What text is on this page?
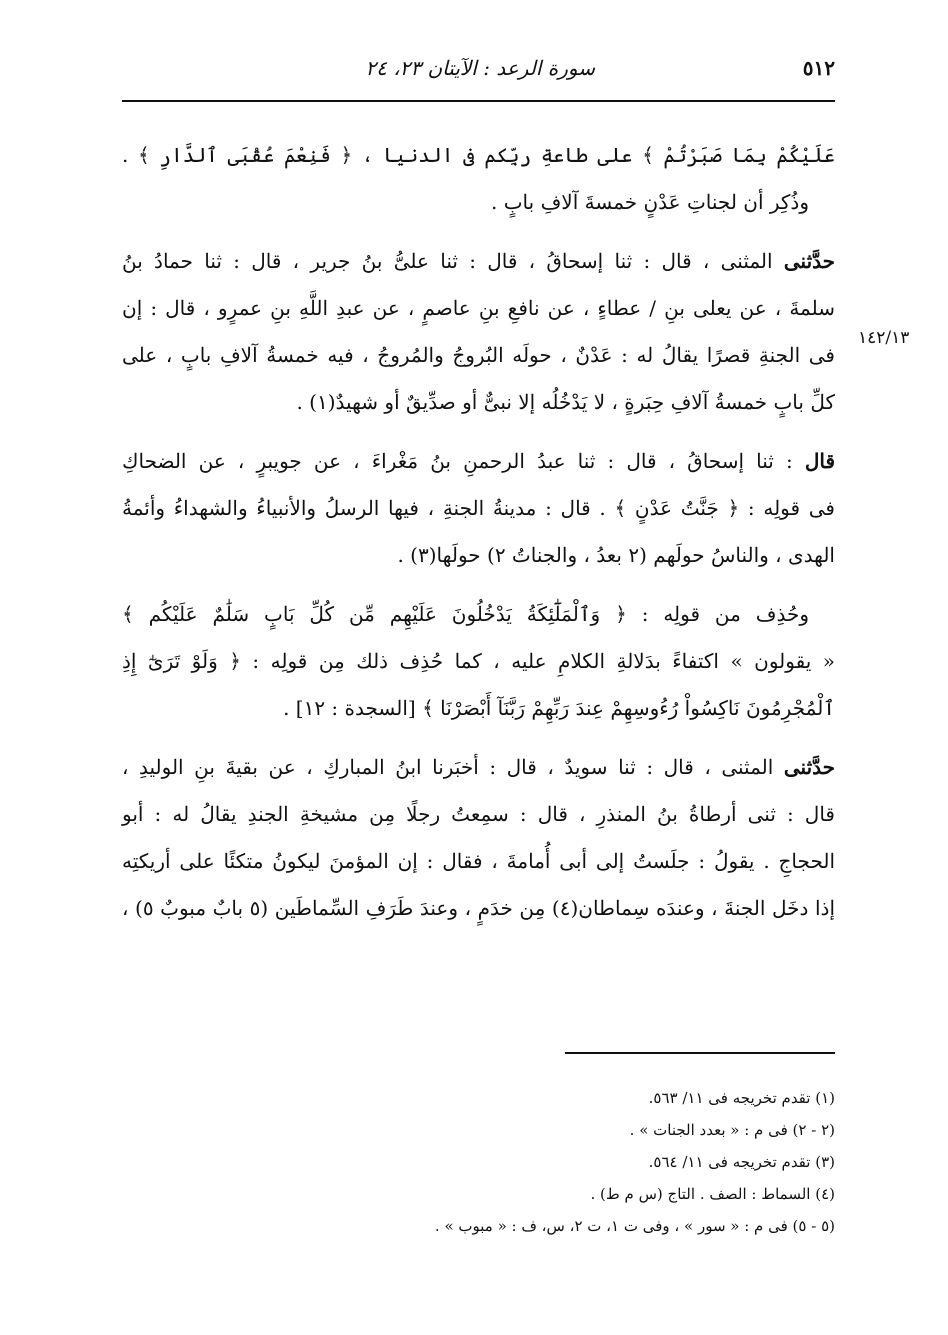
٥١٢
سورة الرعد : الآيتان ٢٣، ٢٤
١٤٢/١٣
عَلَيْكُمْ بِمَا صَبَرْتُمْ ﴾ على طاعةِ ربِّكم فى الدنيا ، ﴿ فَنِعْمَ عُقْبَى ٱلدَّارِ ﴾ .
وذُكِر أن لجناتِ عَدْنٍ خمسةَ آلافِ بابٍ .
حدَّثنى المثنى ، قال : ثنا إسحاقُ ، قال : ثنا علىُّ بنُ جرير ، قال : ثنا حمادُ بنُ
سلمةَ ، عن يعلى بنِ / عطاءٍ ، عن نافعِ بنِ عاصمٍ ، عن عبدِ اللَّهِ بنِ عمرٍو ، قال : إن
فى الجنةِ قصرًا يقالُ له : عَدْنٌ ، حولَه البُروجُ والمُروجُ ، فيه خمسةُ آلافِ بابٍ ، على
كلِّ بابٍ خمسةُ آلافِ حِبَرةٍ ، لا يَدْخُلُه إلا نبىٌّ أو صدِّيقٌ أو شهيدٌ(١) .
قال : ثنا إسحاقُ ، قال : ثنا عبدُ الرحمنِ بنُ مَغْراءَ ، عن جويبرٍ ، عن الضحاكِ
فى قولِه : ﴿ جَنَّتُ عَدْنٍ ﴾ . قال : مدينةُ الجنةِ ، فيها الرسلُ والأنبياءُ والشهداءُ وأئمةُ
الهدى ، والناسُ حولَهم (٢ بعدُ ، والجناتُ ٢) حولَها(٣) .
وحُذِف من قولِه : ﴿ وَٱلْمَلَٰٓئِكَةُ يَدْخُلُونَ عَلَيْهِم مِّن كُلِّ بَابٍ سَلَٰمٌ عَلَيْكُم ﴾
« يقولون » اكتفاءً بدَلالةِ الكلامِ عليه ، كما حُذِف ذلك مِن قولِه : ﴿ وَلَوْ تَرَىٰٓ إِذِ
ٱلْمُجْرِمُونَ نَاكِسُواْ رُءُوسِهِمْ عِندَ رَبِّهِمْ رَبَّنَآ أَبْصَرْنَا ﴾ [السجدة : ١٢] .
حدَّثنى المثنى ، قال : ثنا سويدٌ ، قال : أخبَرنا ابنُ المباركِ ، عن بقيةَ بنِ الوليدِ ،
قال : ثنى أرطاةُ بنُ المنذرِ ، قال : سمِعتُ رجلًا مِن مشيخةِ الجندِ يقالُ له : أبو
الحجاجِ . يقولُ : جلَستُ إلى أبى أُمامةَ ، فقال : إن المؤمنَ ليكونُ متكئًا على أريكتِه
إذا دخَل الجنةَ ، وعندَه سِماطان(٤) مِن خدَمٍ ، وعندَ طَرَفِ السِّماطَين (٥ بابٌ مبوبٌ ٥) ،
(١) تقدم تخريجه فى ١١/ ٥٦٣.
(٢ - ٢) فى م : « بعدد الجنات » .
(٣) تقدم تخريجه فى ١١/ ٥٦٤.
(٤) السماط : الصف . التاج (س م ط) .
(٥ - ٥) فى م : « سور » ، وفى ت ١، ت ٢، س، ف : « مبوب » .
